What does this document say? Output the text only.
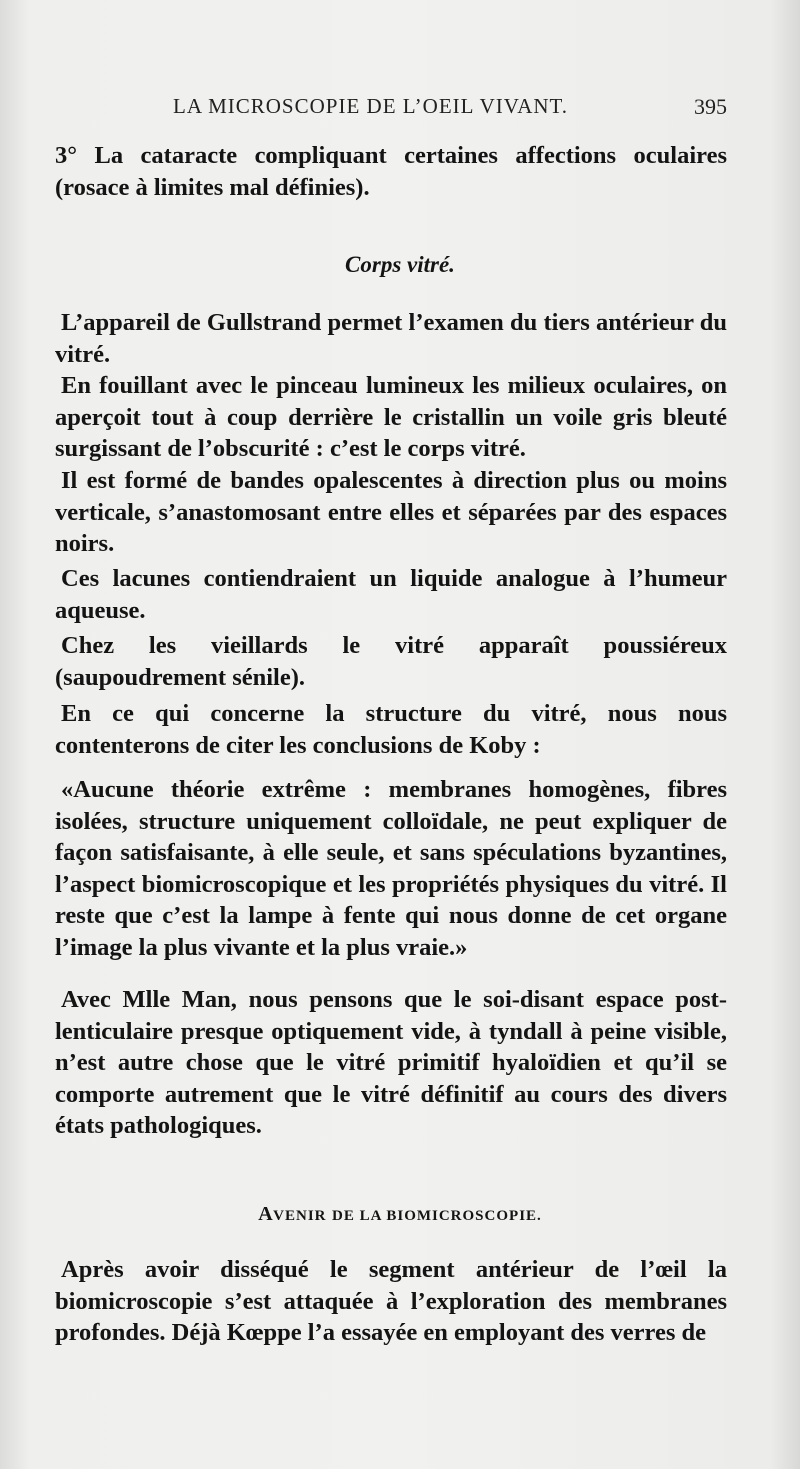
LA MICROSCOPIE DE L’OEIL VIVANT.	395
3° La cataracte compliquant certaines affections oculaires (rosace à limites mal définies).
Corps vitré.
L’appareil de Gullstrand permet l’examen du tiers antérieur du vitré.
En fouillant avec le pinceau lumineux les milieux oculaires, on aperçoit tout à coup derrière le cristallin un voile gris bleuté surgissant de l’obscurité : c’est le corps vitré.
Il est formé de bandes opalescentes à direction plus ou moins verticale, s’anastomosant entre elles et séparées par des espaces noirs.
Ces lacunes contiendraient un liquide analogue à l’humeur aqueuse.
Chez les vieillards le vitré apparaît poussiéreux (saupoudrement sénile).
En ce qui concerne la structure du vitré, nous nous contenterons de citer les conclusions de Koby :
«Aucune théorie extrême : membranes homogènes, fibres isolées, structure uniquement colloïdale, ne peut expliquer de façon satisfaisante, à elle seule, et sans spéculations byzantines, l’aspect biomicroscopique et les propriétés physiques du vitré. Il reste que c’est la lampe à fente qui nous donne de cet organe l’image la plus vivante et la plus vraie.»
Avec Mlle Man, nous pensons que le soi-disant espace post-lenticulaire presque optiquement vide, à tyndall à peine visible, n’est autre chose que le vitré primitif hyaloïdien et qu’il se comporte autrement que le vitré définitif au cours des divers états pathologiques.
AVENIR DE LA BIOMICROSCOPIE.
Après avoir disséqué le segment antérieur de l’œil la biomicroscopie s’est attaquée à l’exploration des membranes profondes. Déjà Kœppe l’a essayée en employant des verres de
